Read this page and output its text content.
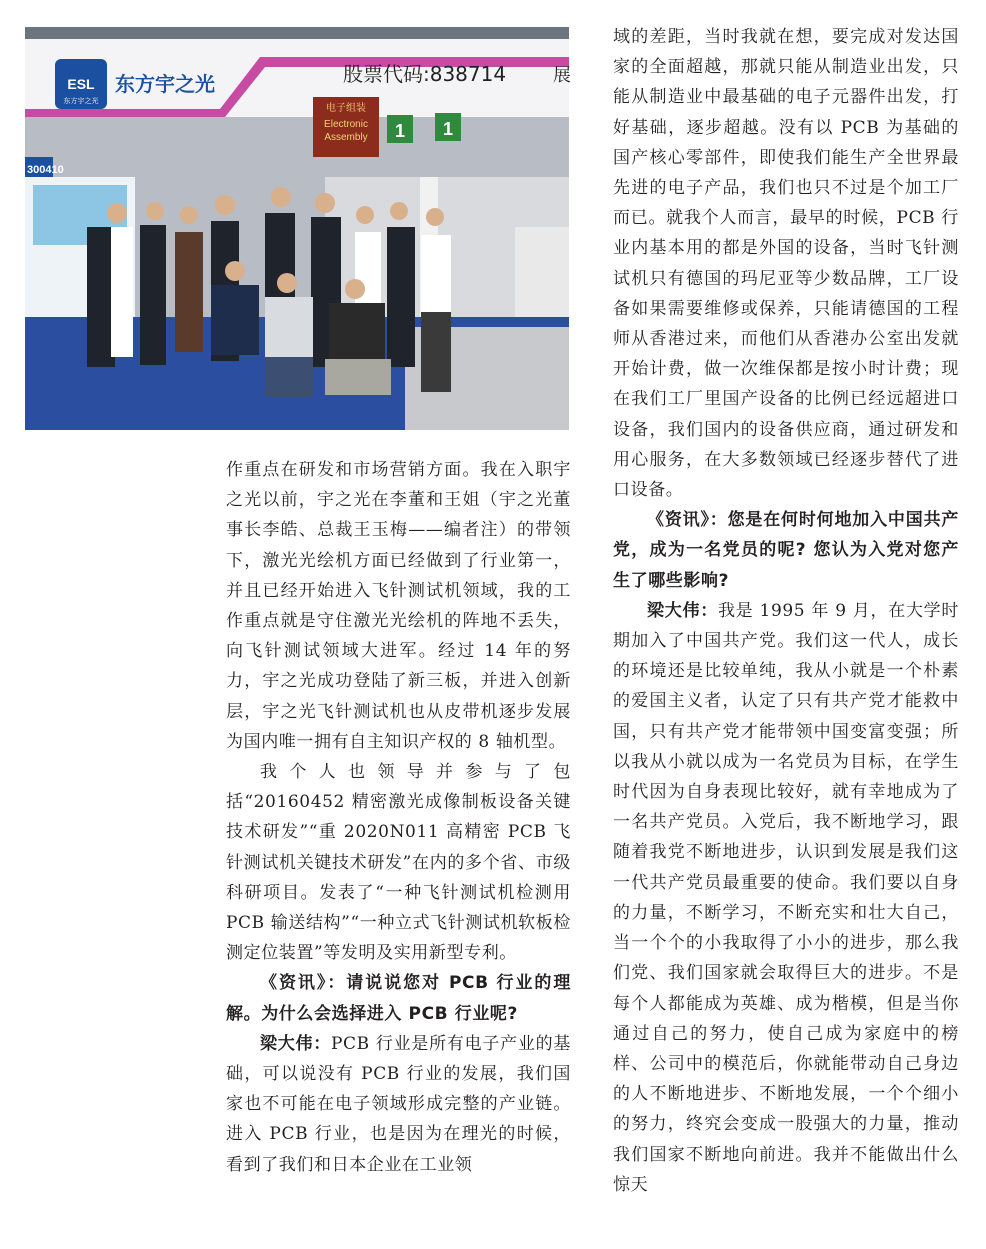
ESL
东方宇之光
东方宇之光	股票代码:838714	展
电子组装
Electronic
Assembly 1 1
300410

作重点在研发和市场营销方面。我在入职宇之光以前，宇之光在李董和王姐（宇之光董事长李皓、总裁王玉梅——编者注）的带领下，激光光绘机方面已经做到了行业第一，并且已经开始进入飞针测试机领域，我的工作重点就是守住激光光绘机的阵地不丢失，向飞针测试领域大进军。经过 14 年的努力，宇之光成功登陆了新三板，并进入创新层，宇之光飞针测试机也从皮带机逐步发展为国内唯一拥有自主知识产权的 8 轴机型。

我个人也领导并参与了包括“20160452 精密激光成像制板设备关键技术研发”“重 2020N011 高精密 PCB 飞针测试机关键技术研发”在内的多个省、市级科研项目。发表了“一种飞针测试机检测用 PCB 输送结构”“一种立式飞针测试机软板检测定位装置”等发明及实用新型专利。

《资讯》：请说说您对 PCB 行业的理解。为什么会选择进入 PCB 行业呢?

梁大伟：PCB 行业是所有电子产业的基础，可以说没有 PCB 行业的发展，我们国家也不可能在电子领域形成完整的产业链。进入 PCB 行业，也是因为在理光的时候，看到了我们和日本企业在工业领

域的差距，当时我就在想，要完成对发达国家的全面超越，那就只能从制造业出发，只能从制造业中最基础的电子元器件出发，打好基础，逐步超越。没有以 PCB 为基础的国产核心零部件，即使我们能生产全世界最先进的电子产品，我们也只不过是个加工厂而已。就我个人而言，最早的时候，PCB 行业内基本用的都是外国的设备，当时飞针测试机只有德国的玛尼亚等少数品牌，工厂设备如果需要维修或保养，只能请德国的工程师从香港过来，而他们从香港办公室出发就开始计费，做一次维保都是按小时计费；现在我们工厂里国产设备的比例已经远超进口设备，我们国内的设备供应商，通过研发和用心服务，在大多数领域已经逐步替代了进口设备。

《资讯》：您是在何时何地加入中国共产党，成为一名党员的呢? 您认为入党对您产生了哪些影响?

梁大伟：我是 1995 年 9 月，在大学时期加入了中国共产党。我们这一代人，成长的环境还是比较单纯，我从小就是一个朴素的爱国主义者，认定了只有共产党才能救中国，只有共产党才能带领中国变富变强；所以我从小就以成为一名党员为目标，在学生时代因为自身表现比较好，就有幸地成为了一名共产党员。入党后，我不断地学习，跟随着我党不断地进步，认识到发展是我们这一代共产党员最重要的使命。我们要以自身的力量，不断学习，不断充实和壮大自己，当一个个的小我取得了小小的进步，那么我们党、我们国家就会取得巨大的进步。不是每个人都能成为英雄、成为楷模，但是当你通过自己的努力，使自己成为家庭中的榜样、公司中的模范后，你就能带动自己身边的人不断地进步、不断地发展，一个个细小的努力，终究会变成一股强大的力量，推动我们国家不断地向前进。我并不能做出什么惊天
